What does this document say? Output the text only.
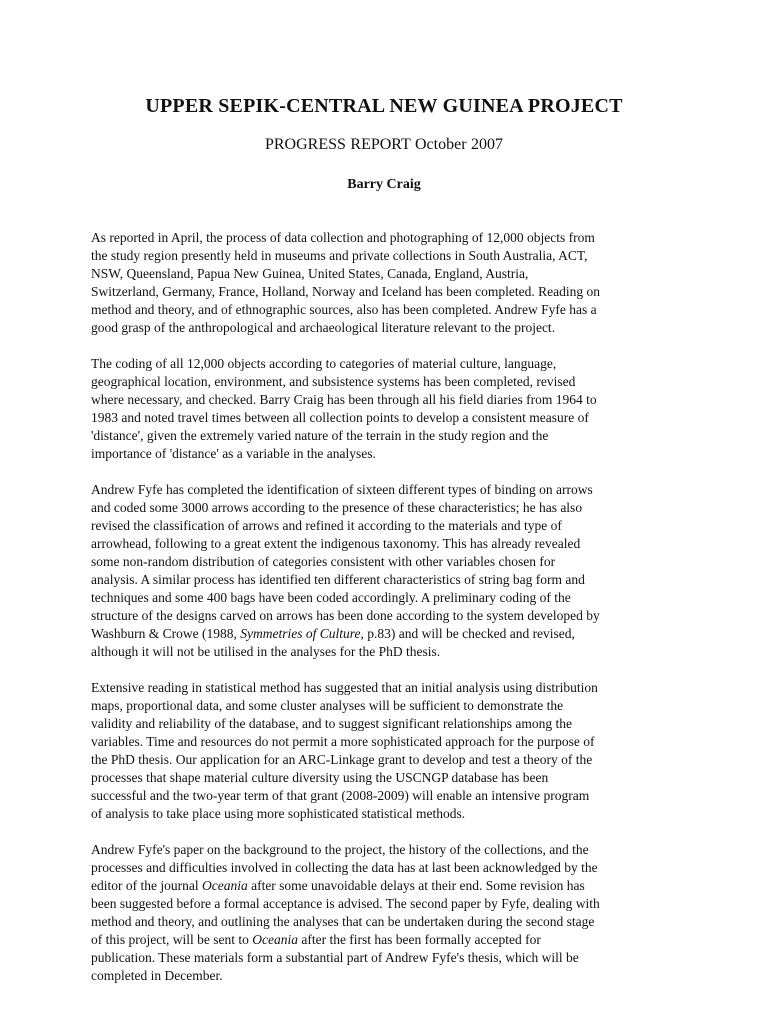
UPPER SEPIK-CENTRAL NEW GUINEA PROJECT
PROGRESS REPORT October 2007
Barry Craig
As reported in April, the process of data collection and photographing of 12,000 objects from
the study region presently held in museums and private collections in South Australia, ACT,
NSW, Queensland, Papua New Guinea, United States, Canada, England, Austria,
Switzerland, Germany, France, Holland, Norway and Iceland has been completed. Reading on
method and theory, and of ethnographic sources, also has been completed. Andrew Fyfe has a
good grasp of the anthropological and archaeological literature relevant to the project.
The coding of all 12,000 objects according to categories of material culture, language,
geographical location, environment, and subsistence systems has been completed, revised
where necessary, and checked. Barry Craig has been through all his field diaries from 1964 to
1983 and noted travel times between all collection points to develop a consistent measure of
'distance', given the extremely varied nature of the terrain in the study region and the
importance of 'distance' as a variable in the analyses.
Andrew Fyfe has completed the identification of sixteen different types of binding on arrows
and coded some 3000 arrows according to the presence of these characteristics; he has also
revised the classification of arrows and refined it according to the materials and type of
arrowhead, following to a great extent the indigenous taxonomy. This has already revealed
some non-random distribution of categories consistent with other variables chosen for
analysis. A similar process has identified ten different characteristics of string bag form and
techniques and some 400 bags have been coded accordingly. A preliminary coding of the
structure of the designs carved on arrows has been done according to the system developed by
Washburn & Crowe (1988, Symmetries of Culture, p.83) and will be checked and revised,
although it will not be utilised in the analyses for the PhD thesis.
Extensive reading in statistical method has suggested that an initial analysis using distribution
maps, proportional data, and some cluster analyses will be sufficient to demonstrate the
validity and reliability of the database, and to suggest significant relationships among the
variables. Time and resources do not permit a more sophisticated approach for the purpose of
the PhD thesis. Our application for an ARC-Linkage grant to develop and test a theory of the
processes that shape material culture diversity using the USCNGP database has been
successful and the two-year term of that grant (2008-2009) will enable an intensive program
of analysis to take place using more sophisticated statistical methods.
Andrew Fyfe's paper on the background to the project, the history of the collections, and the
processes and difficulties involved in collecting the data has at last been acknowledged by the
editor of the journal Oceania after some unavoidable delays at their end. Some revision has
been suggested before a formal acceptance is advised. The second paper by Fyfe, dealing with
method and theory, and outlining the analyses that can be undertaken during the second stage
of this project, will be sent to Oceania after the first has been formally accepted for
publication. These materials form a substantial part of Andrew Fyfe's thesis, which will be
completed in December.
